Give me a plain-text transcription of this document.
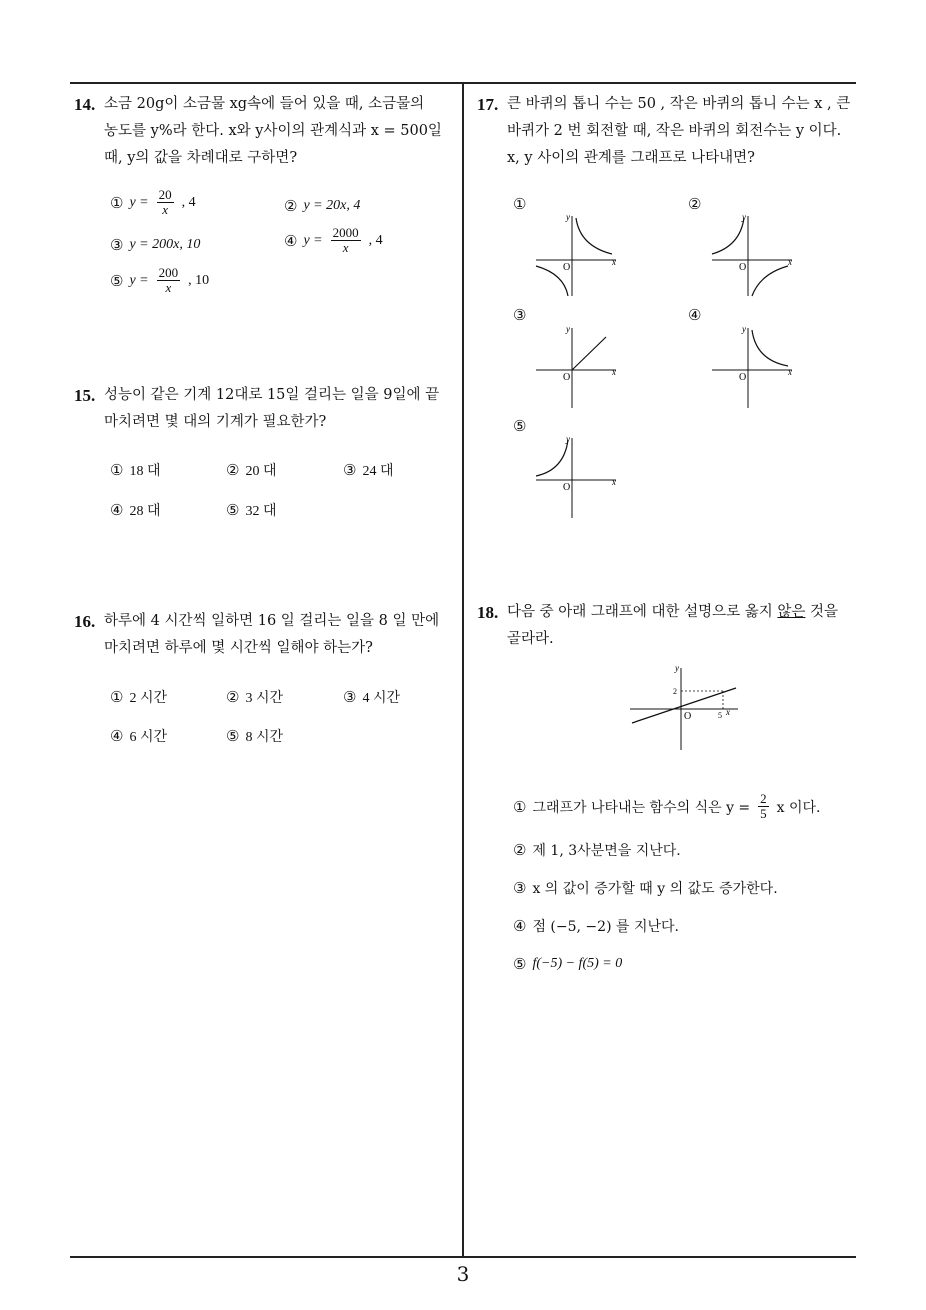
14. 소금 20g이 소금물 xg속에 들어 있을 때, 소금물의
농도를 y%라 한다. x와 y사이의 관계식과 x = 500일
때, y의 값을 차례대로 구하면?
① $y = \frac{20}{x}$ , 4	② y = 20x, 4
③ y = 200x, 10	④ $y = \frac{2000}{x}$ , 4
⑤ $y = \frac{200}{x}$ , 10
15. 성능이 같은 기계 12대로 15일 걸리는 일을 9일에 끝
마치려면 몇 대의 기계가 필요한가?
① 18 대	② 20 대	③ 24 대
④ 28 대	⑤ 32 대
16. 하루에 4 시간씩 일하면 16 일 걸리는 일을 8 일 만에
마치려면 하루에 몇 시간씩 일해야 하는가?
① 2 시간	② 3 시간	③ 4 시간
④ 6 시간	⑤ 8 시간
17. 큰 바퀴의 톱니 수는 50 , 작은 바퀴의 톱니 수는 x , 큰
바퀴가 2 번 회전할 때, 작은 바퀴의 회전수는 y 이다.
x, y 사이의 관계를 그래프로 나타내면?
①	②
③	④
⑤
y
x
O
y
x
O
y
x
O
y
x
O
y
x
O
18. 다음 중 아래 그래프에 대한 설명으로 옳지 않은 것을
골라라.
y
x
O
2
5
① 그래프가 나타내는 함수의 식은 $y = \frac{2}{5}$ x 이다.
② 제 1, 3사분면을 지난다.
③ x 의 값이 증가할 때 y 의 값도 증가한다.
④ 점 (−5, −2) 를 지난다.
⑤ f(−5) − f(5) = 0
3
